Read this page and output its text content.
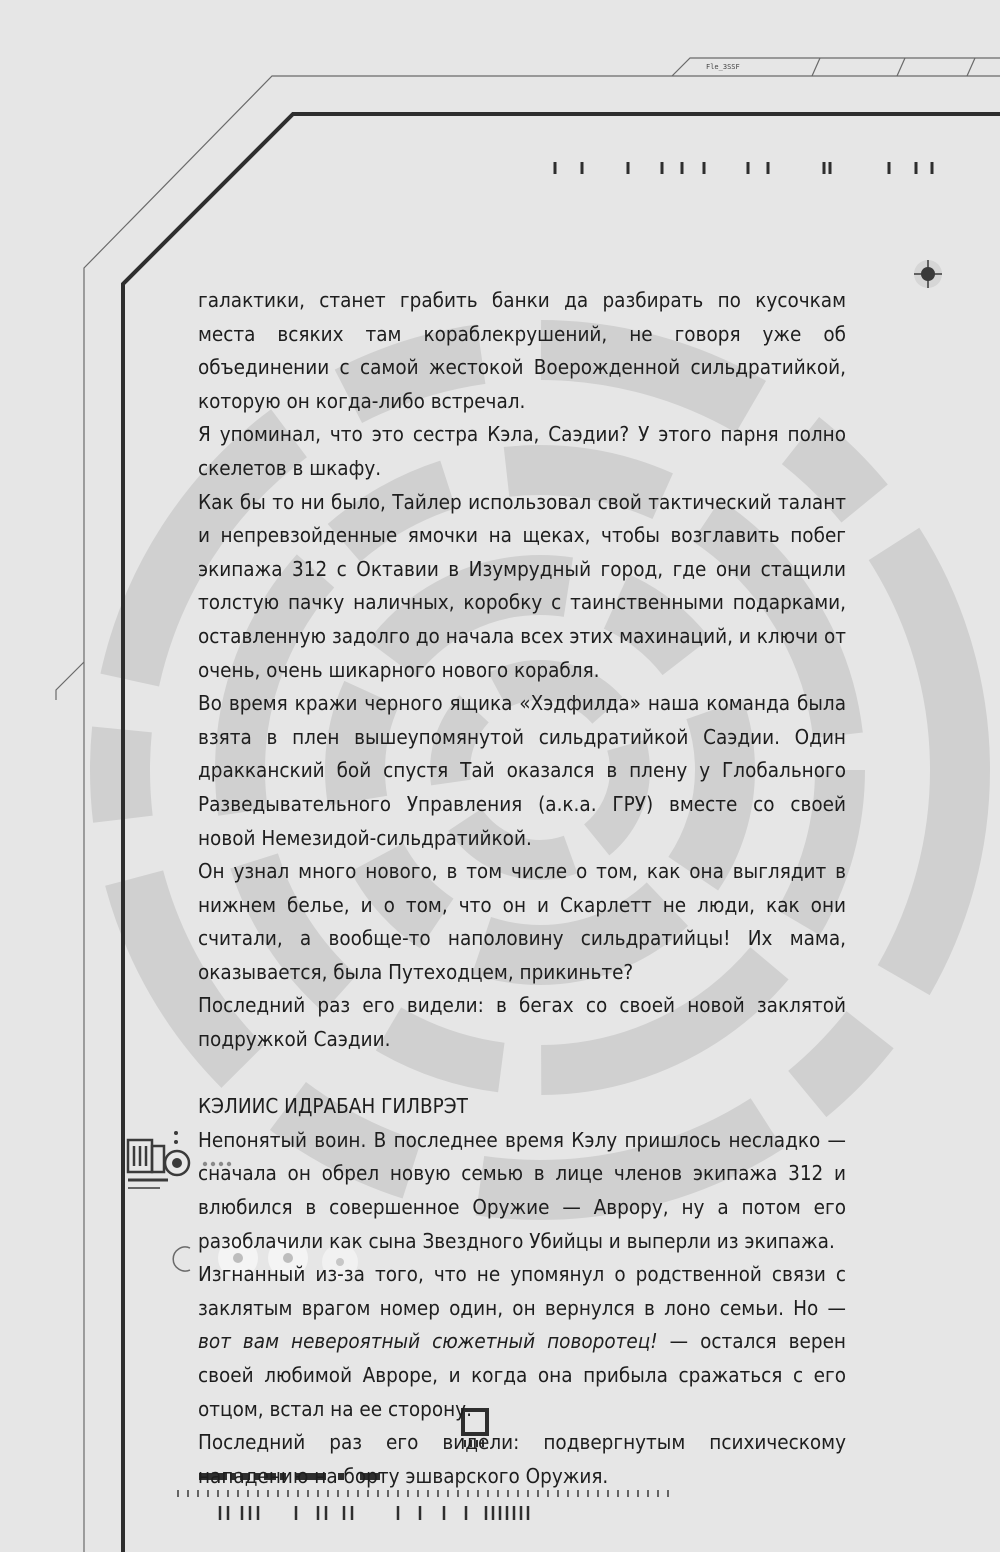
Fle_3SSF

галактики, станет грабить банки да разбирать по кусочкам места всяких там кораблекрушений, не говоря уже об объединении с самой жестокой Воерожденной сильдратийкой, которую он когда-либо встречал.

Я упоминал, что это сестра Кэла, Саэдии? У этого парня полно скелетов в шкафу.

Как бы то ни было, Тайлер использовал свой тактический талант и непревзойденные ямочки на щеках, чтобы возглавить побег экипажа 312 с Октавии в Изумрудный город, где они стащили толстую пачку наличных, коробку с таинственными подарками, оставленную задолго до начала всех этих махинаций, и ключи от очень, очень шикарного нового корабля.

Во время кражи черного ящика «Хэдфилда» наша команда была взята в плен вышеупомянутой сильдратийкой Саэдии. Один дракканский бой спустя Тай оказался в плену у Глобального Разведывательного Управления (а.к.а. ГРУ) вместе со своей новой Немезидой-сильдратийкой.

Он узнал много нового, в том числе о том, как она выглядит в нижнем белье, и о том, что он и Скарлетт не люди, как они считали, а вообще-то наполовину сильдратийцы! Их мама, оказывается, была Путеходцем, прикиньте?

Последний раз его видели: в бегах со своей новой заклятой подружкой Саэдии.

КЭЛИИС ИДРАБАН ГИЛВРЭТ

Непонятый воин. В последнее время Кэлу пришлось несладко — сначала он обрел новую семью в лице членов экипажа 312 и влюбился в совершенное Оружие — Аврору, ну а потом его разоблачили как сына Звездного Убийцы и выперли из экипажа.

Изгнанный из-за того, что не упомянул о родственной связи с заклятым врагом номер один, он вернулся в лоно семьи. Но — вот вам невероятный сюжетный поворотец! — остался верен своей любимой Авроре, и когда она прибыла сражаться с его отцом, встал на ее сторону.

Последний раз его видели: подвергнутым психическому нападению на борту эшварского Оружия.
